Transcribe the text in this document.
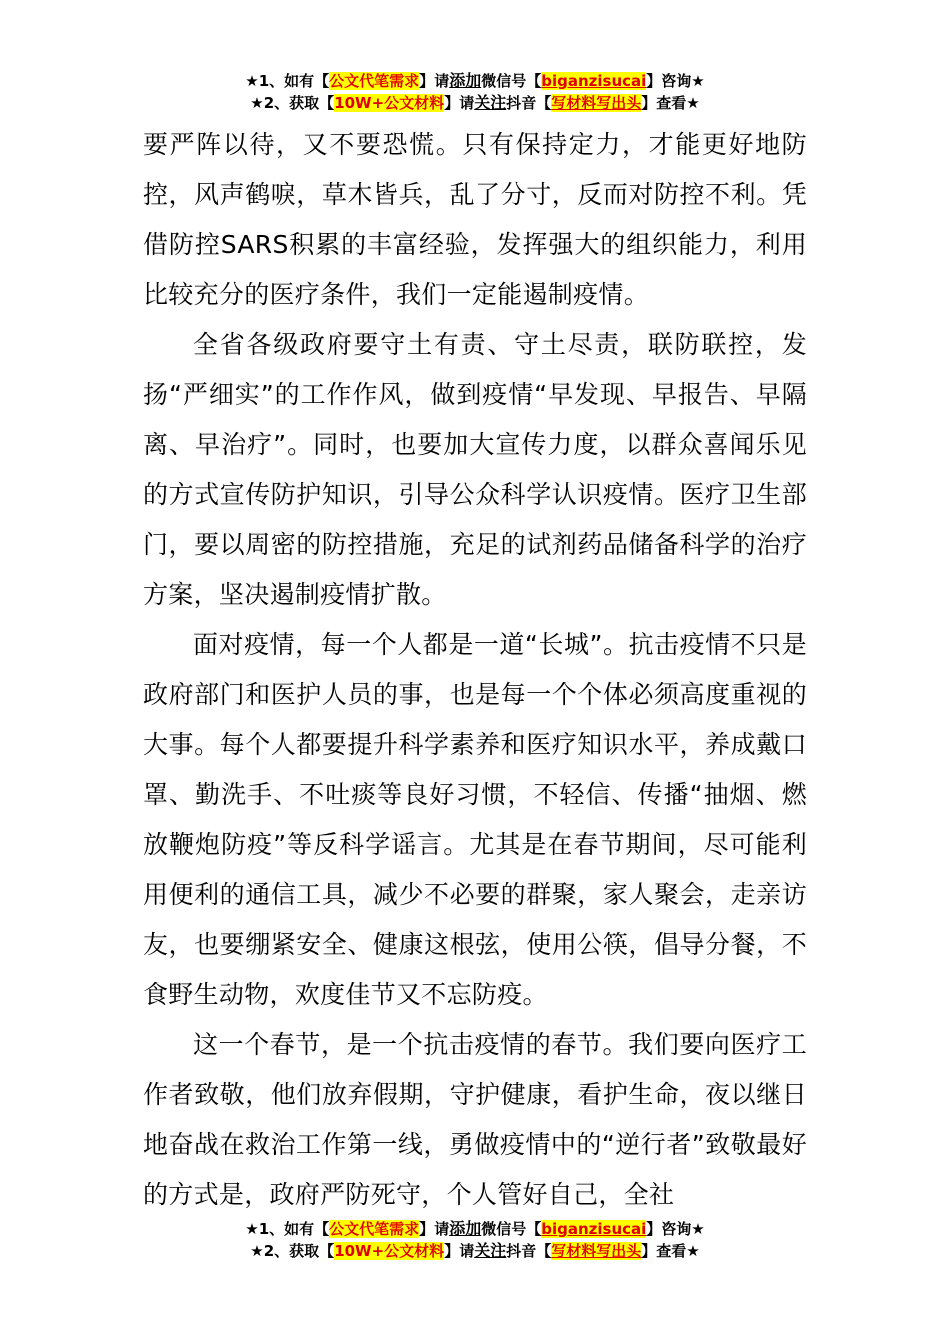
★1、如有【公文代笔需求】请添加微信号【biganzisucai】咨询★
★2、获取【10W+公文材料】请关注抖音【写材料写出头】查看★

要严阵以待，又不要恐慌。只有保持定力，才能更好地防控，风声鹤唳，草木皆兵，乱了分寸，反而对防控不利。凭借防控SARS积累的丰富经验，发挥强大的组织能力，利用比较充分的医疗条件，我们一定能遏制疫情。

全省各级政府要守土有责、守土尽责，联防联控，发扬“严细实”的工作作风，做到疫情“早发现、早报告、早隔离、早治疗”。同时，也要加大宣传力度，以群众喜闻乐见的方式宣传防护知识，引导公众科学认识疫情。医疗卫生部门，要以周密的防控措施，充足的试剂药品储备科学的治疗方案，坚决遏制疫情扩散。

面对疫情，每一个人都是一道“长城”。抗击疫情不只是政府部门和医护人员的事，也是每一个个体必须高度重视的大事。每个人都要提升科学素养和医疗知识水平，养成戴口罩、勤洗手、不吐痰等良好习惯，不轻信、传播“抽烟、燃放鞭炮防疫”等反科学谣言。尤其是在春节期间，尽可能利用便利的通信工具，减少不必要的群聚，家人聚会，走亲访友，也要绷紧安全、健康这根弦，使用公筷，倡导分餐，不食野生动物，欢度佳节又不忘防疫。

这一个春节，是一个抗击疫情的春节。我们要向医疗工作者致敬，他们放弃假期，守护健康，看护生命，夜以继日地奋战在救治工作第一线，勇做疫情中的“逆行者”致敬最好的方式是，政府严防死守，个人管好自己，全社

★1、如有【公文代笔需求】请添加微信号【biganzisucai】咨询★
★2、获取【10W+公文材料】请关注抖音【写材料写出头】查看★
